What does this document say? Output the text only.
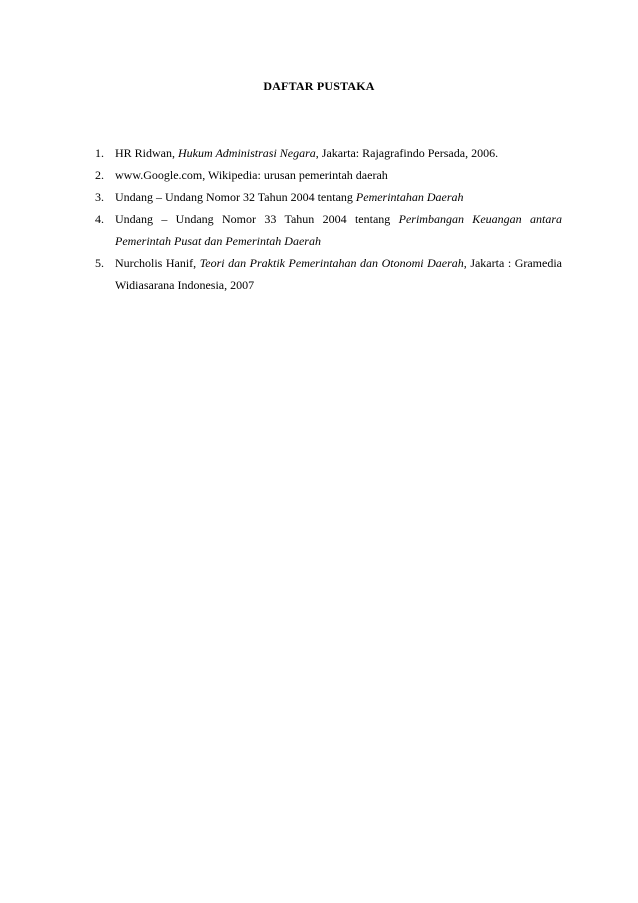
DAFTAR PUSTAKA
1. HR Ridwan, Hukum Administrasi Negara, Jakarta: Rajagrafindo Persada, 2006.
2. www.Google.com, Wikipedia: urusan pemerintah daerah
3. Undang – Undang Nomor 32 Tahun 2004 tentang Pemerintahan Daerah
4. Undang – Undang Nomor 33 Tahun 2004 tentang Perimbangan Keuangan antara Pemerintah Pusat dan Pemerintah Daerah
5. Nurcholis Hanif, Teori dan Praktik Pemerintahan dan Otonomi Daerah, Jakarta : Gramedia Widiasarana Indonesia, 2007
